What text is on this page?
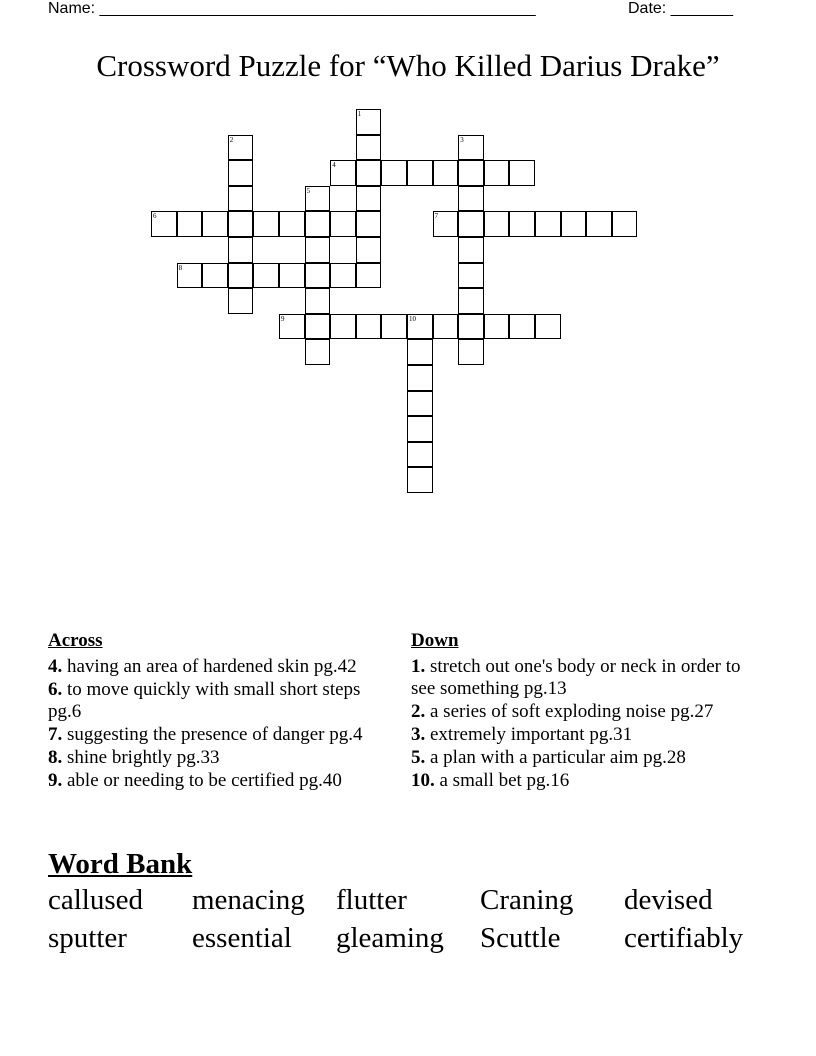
Name: _________________________________________________	Date: _______
Crossword Puzzle for “Who Killed Darius Drake”
1
2	3
4
5
6	7
8
9	10
Across
4. having an area of hardened skin pg.42
6. to move quickly with small short steps pg.6
7. suggesting the presence of danger pg.4
8. shine brightly pg.33
9. able or needing to be certified pg.40
Down
1. stretch out one's body or neck in order to see something pg.13
2. a series of soft exploding noise pg.27
3. extremely important pg.31
5. a plan with a particular aim pg.28
10. a small bet pg.16
Word Bank
callused	menacing	flutter	Craning	devised
sputter	essential	gleaming	Scuttle	certifiably
